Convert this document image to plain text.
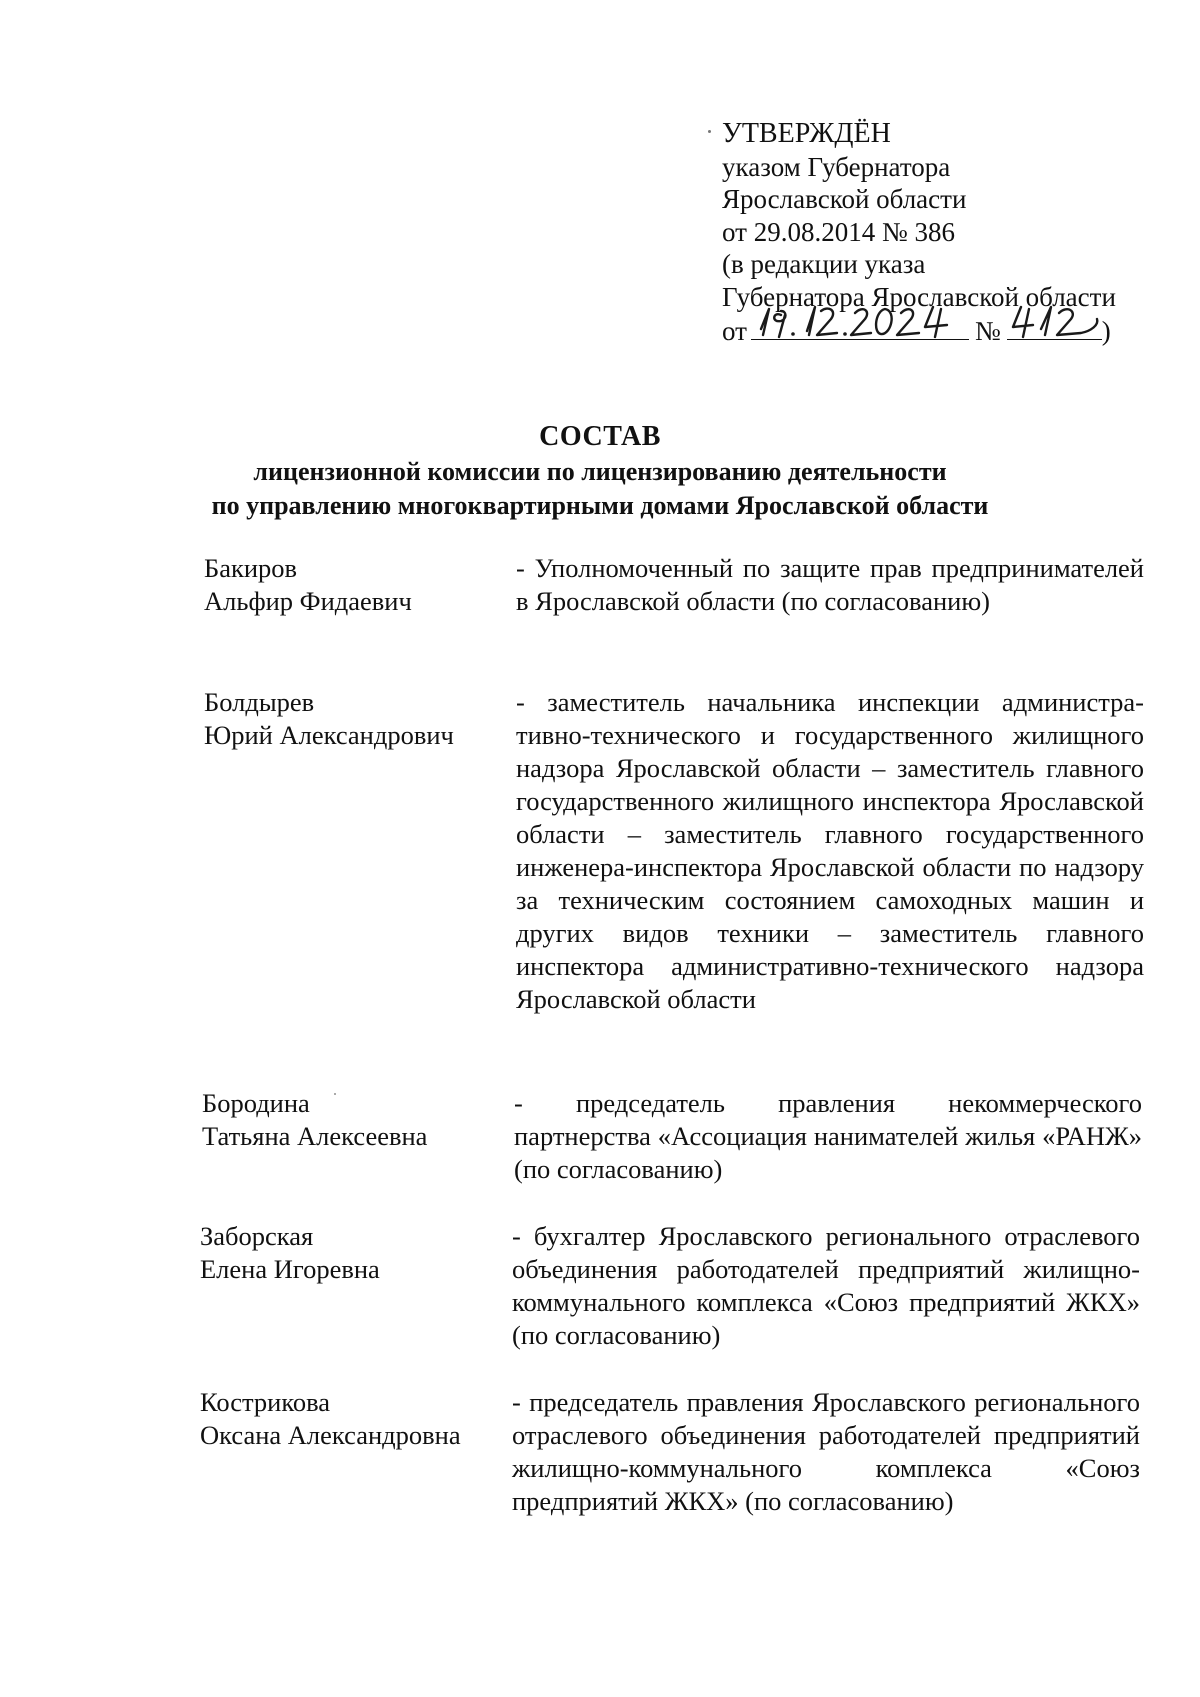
УТВЕРЖДЁН
указом Губернатора
Ярославской области
от 29.08.2014 № 386
(в редакции указа
Губернатора Ярославской области
от	№	)
СОСТАВ
лицензионной комиссии по лицензированию деятельности
по управлению многоквартирными домами Ярославской области
Бакиров
Альфир Фидаевич
- Уполномоченный по защите прав предпринимателей в Ярославской области (по согласованию)
Болдырев
Юрий Александрович
- заместитель начальника инспекции администра-тивно-технического и государственного жилищного надзора Ярославской области – заместитель главного государственного жилищного инспектора Ярославской области – заместитель главного государственного инженера-инспектора Ярославской области по надзору за техническим состоянием самоходных машин и других видов техники – заместитель главного инспектора административно-технического надзора Ярославской области
Бородина
Татьяна Алексеевна
- председатель правления некоммерческого партнерства «Ассоциация нанимателей жилья «РАНЖ» (по согласованию)
Заборская
Елена Игоревна
- бухгалтер Ярославского регионального отраслевого объединения работодателей предприятий жилищно-коммунального комплекса «Союз предприятий ЖКХ» (по согласованию)
Кострикова
Оксана Александровна
- председатель правления Ярославского регионального отраслевого объединения работодателей предприятий жилищно-коммунального комплекса «Союз предприятий ЖКХ» (по согласованию)
